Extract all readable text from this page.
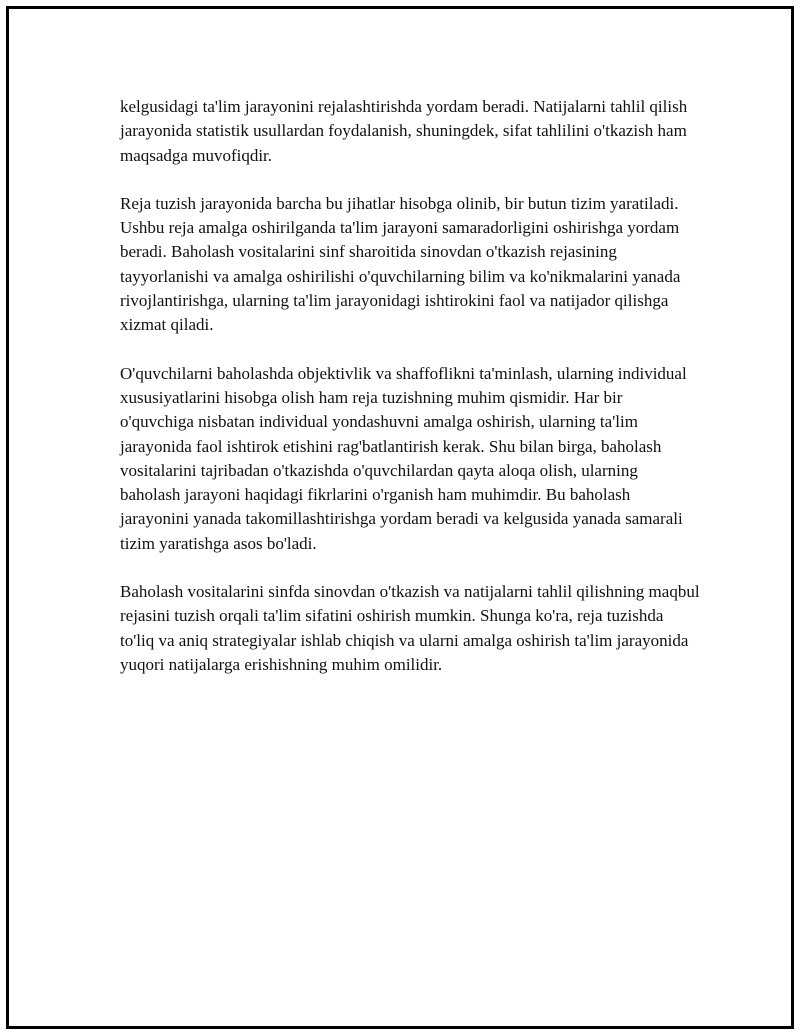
kelgusidagi ta'lim jarayonini rejalashtirishda yordam beradi. Natijalarni tahlil qilish jarayonida statistik usullardan foydalanish, shuningdek, sifat tahlilini o'tkazish ham maqsadga muvofiqdir.

Reja tuzish jarayonida barcha bu jihatlar hisobga olinib, bir butun tizim yaratiladi. Ushbu reja amalga oshirilganda ta'lim jarayoni samaradorligini oshirishga yordam beradi. Baholash vositalarini sinf sharoitida sinovdan o'tkazish rejasining tayyorlanishi va amalga oshirilishi o'quvchilarning bilim va ko'nikmalarini yanada rivojlantirishga, ularning ta'lim jarayonidagi ishtirokini faol va natijador qilishga xizmat qiladi.

O'quvchilarni baholashda objektivlik va shaffoflikni ta'minlash, ularning individual xususiyatlarini hisobga olish ham reja tuzishning muhim qismidir. Har bir o'quvchiga nisbatan individual yondashuvni amalga oshirish, ularning ta'lim jarayonida faol ishtirok etishini rag'batlantirish kerak. Shu bilan birga, baholash vositalarini tajribadan o'tkazishda o'quvchilardan qayta aloqa olish, ularning baholash jarayoni haqidagi fikrlarini o'rganish ham muhimdir. Bu baholash jarayonini yanada takomillashtirishga yordam beradi va kelgusida yanada samarali tizim yaratishga asos bo'ladi.

Baholash vositalarini sinfda sinovdan o'tkazish va natijalarni tahlil qilishning maqbul rejasini tuzish orqali ta'lim sifatini oshirish mumkin. Shunga ko'ra, reja tuzishda to'liq va aniq strategiyalar ishlab chiqish va ularni amalga oshirish ta'lim jarayonida yuqori natijalarga erishishning muhim omilidir.
